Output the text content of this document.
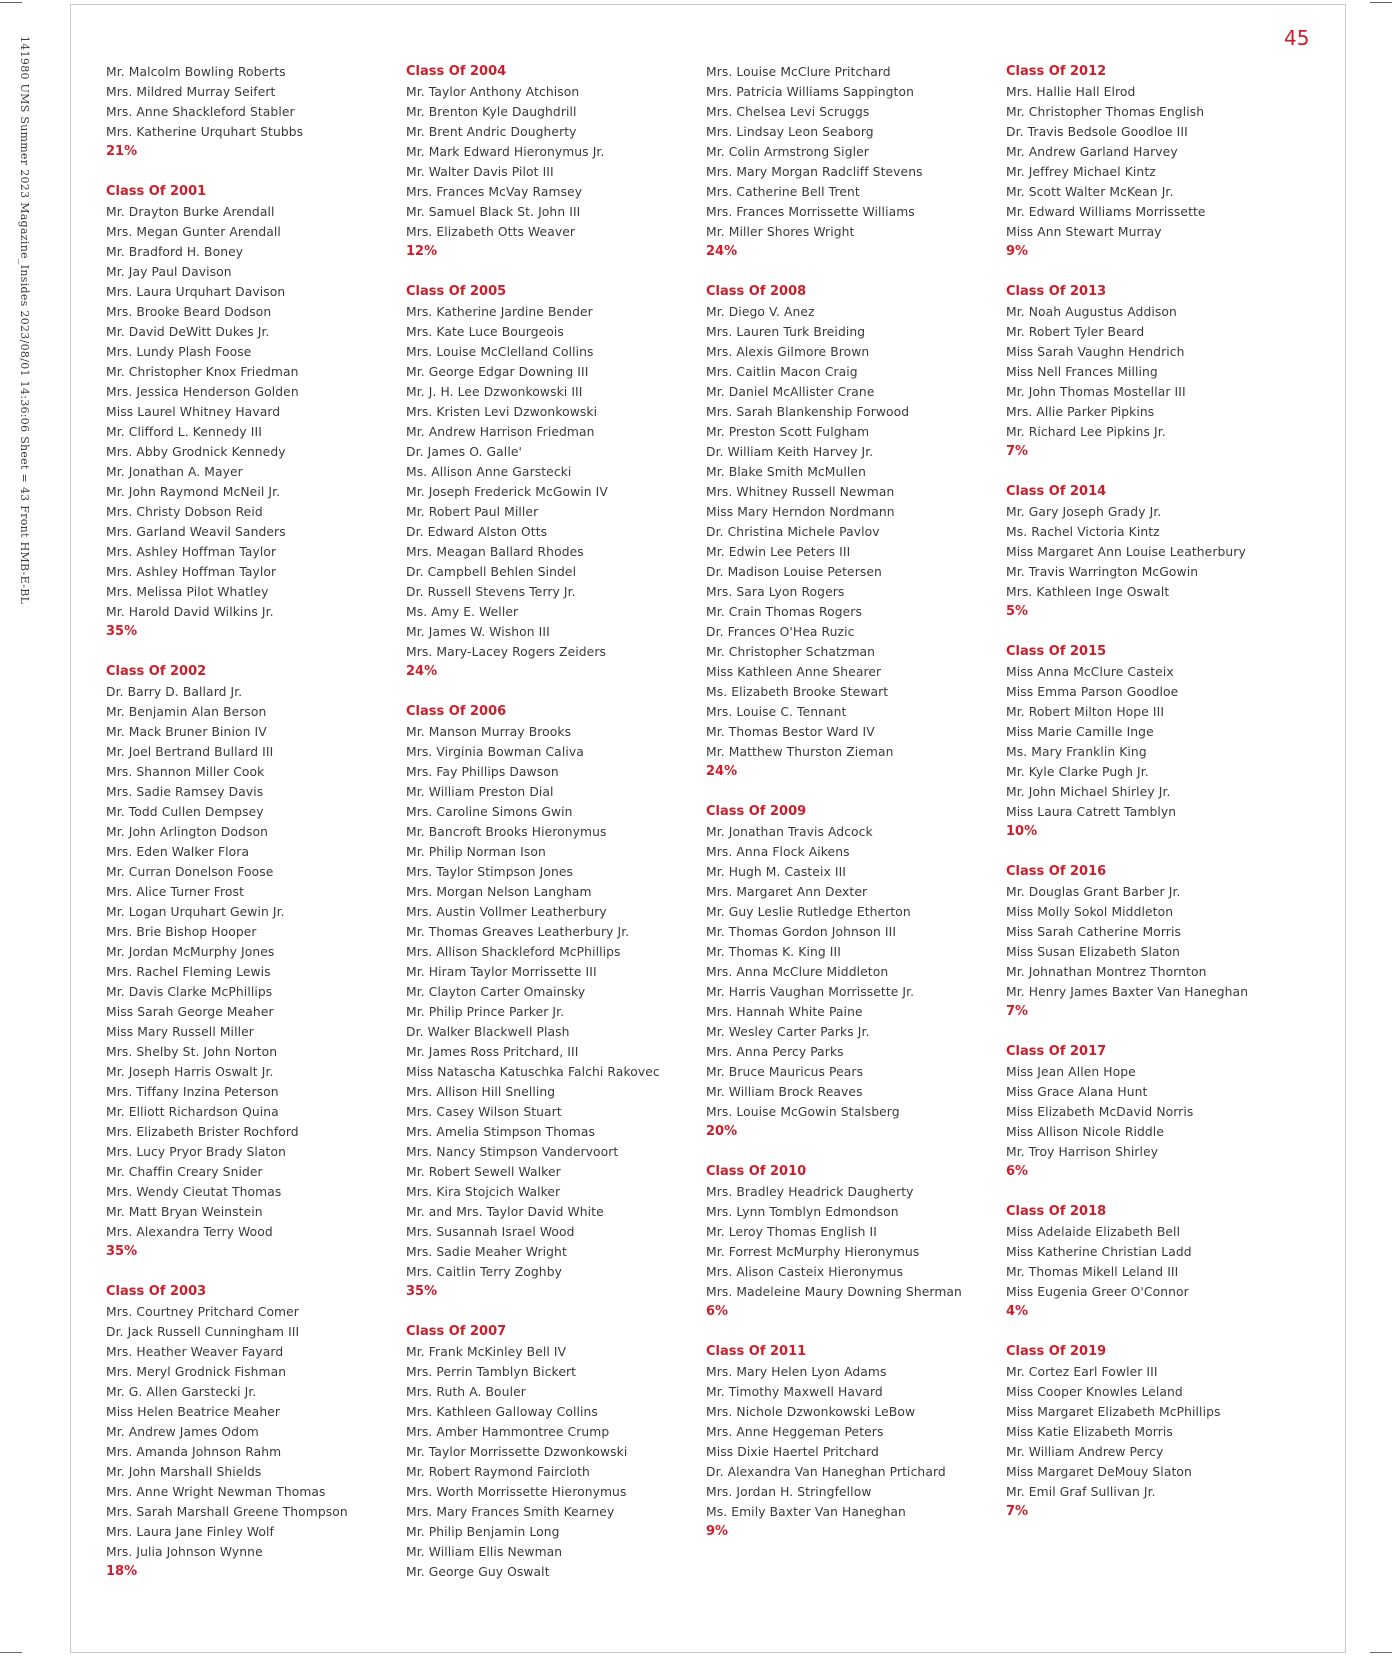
141980 UMS Summer 2023 Magazine_Insides 2023/08/01 14:36:06 Sheet = 43 Front HMB-E-BL	45
Mr. Malcolm Bowling Roberts
Mrs. Mildred Murray Seifert
Mrs. Anne Shackleford Stabler
Mrs. Katherine Urquhart Stubbs
21%
Class Of 2001
Mr. Drayton Burke Arendall
Mrs. Megan Gunter Arendall
Mr. Bradford H. Boney
Mr. Jay Paul Davison
Mrs. Laura Urquhart Davison
Mrs. Brooke Beard Dodson
Mr. David DeWitt Dukes Jr.
Mrs. Lundy Plash Foose
Mr. Christopher Knox Friedman
Mrs. Jessica Henderson Golden
Miss Laurel Whitney Havard
Mr. Clifford L. Kennedy III
Mrs. Abby Grodnick Kennedy
Mr. Jonathan A. Mayer
Mr. John Raymond McNeil Jr.
Mrs. Christy Dobson Reid
Mrs. Garland Weavil Sanders
Mrs. Ashley Hoffman Taylor
Mrs. Ashley Hoffman Taylor
Mrs. Melissa Pilot Whatley
Mr. Harold David Wilkins Jr.
35%
Class Of 2002
Dr. Barry D. Ballard Jr.
Mr. Benjamin Alan Berson
Mr. Mack Bruner Binion IV
Mr. Joel Bertrand Bullard III
Mrs. Shannon Miller Cook
Mrs. Sadie Ramsey Davis
Mr. Todd Cullen Dempsey
Mr. John Arlington Dodson
Mrs. Eden Walker Flora
Mr. Curran Donelson Foose
Mrs. Alice Turner Frost
Mr. Logan Urquhart Gewin Jr.
Mrs. Brie Bishop Hooper
Mr. Jordan McMurphy Jones
Mrs. Rachel Fleming Lewis
Mr. Davis Clarke McPhillips
Miss Sarah George Meaher
Miss Mary Russell Miller
Mrs. Shelby St. John Norton
Mr. Joseph Harris Oswalt Jr.
Mrs. Tiffany Inzina Peterson
Mr. Elliott Richardson Quina
Mrs. Elizabeth Brister Rochford
Mrs. Lucy Pryor Brady Slaton
Mr. Chaffin Creary Snider
Mrs. Wendy Cieutat Thomas
Mr. Matt Bryan Weinstein
Mrs. Alexandra Terry Wood
35%
Class Of 2003
Mrs. Courtney Pritchard Comer
Dr. Jack Russell Cunningham III
Mrs. Heather Weaver Fayard
Mrs. Meryl Grodnick Fishman
Mr. G. Allen Garstecki Jr.
Miss Helen Beatrice Meaher
Mr. Andrew James Odom
Mrs. Amanda Johnson Rahm
Mr. John Marshall Shields
Mrs. Anne Wright Newman Thomas
Mrs. Sarah Marshall Greene Thompson
Mrs. Laura Jane Finley Wolf
Mrs. Julia Johnson Wynne
18%
Class Of 2004
Mr. Taylor Anthony Atchison
Mr. Brenton Kyle Daughdrill
Mr. Brent Andric Dougherty
Mr. Mark Edward Hieronymus Jr.
Mr. Walter Davis Pilot III
Mrs. Frances McVay Ramsey
Mr. Samuel Black St. John III
Mrs. Elizabeth Otts Weaver
12%
Class Of 2005
Mrs. Katherine Jardine Bender
Mrs. Kate Luce Bourgeois
Mrs. Louise McClelland Collins
Mr. George Edgar Downing III
Mr. J. H. Lee Dzwonkowski III
Mrs. Kristen Levi Dzwonkowski
Mr. Andrew Harrison Friedman
Dr. James O. Galle'
Ms. Allison Anne Garstecki
Mr. Joseph Frederick McGowin IV
Mr. Robert Paul Miller
Dr. Edward Alston Otts
Mrs. Meagan Ballard Rhodes
Dr. Campbell Behlen Sindel
Dr. Russell Stevens Terry Jr.
Ms. Amy E. Weller
Mr. James W. Wishon III
Mrs. Mary-Lacey Rogers Zeiders
24%
Class Of 2006
Mr. Manson Murray Brooks
Mrs. Virginia Bowman Caliva
Mrs. Fay Phillips Dawson
Mr. William Preston Dial
Mrs. Caroline Simons Gwin
Mr. Bancroft Brooks Hieronymus
Mr. Philip Norman Ison
Mrs. Taylor Stimpson Jones
Mrs. Morgan Nelson Langham
Mrs. Austin Vollmer Leatherbury
Mr. Thomas Greaves Leatherbury Jr.
Mrs. Allison Shackleford McPhillips
Mr. Hiram Taylor Morrissette III
Mr. Clayton Carter Omainsky
Mr. Philip Prince Parker Jr.
Dr. Walker Blackwell Plash
Mr. James Ross Pritchard, III
Miss Natascha Katuschka Falchi Rakovec
Mrs. Allison Hill Snelling
Mrs. Casey Wilson Stuart
Mrs. Amelia Stimpson Thomas
Mrs. Nancy Stimpson Vandervoort
Mr. Robert Sewell Walker
Mrs. Kira Stojcich Walker
Mr. and Mrs. Taylor David White
Mrs. Susannah Israel Wood
Mrs. Sadie Meaher Wright
Mrs. Caitlin Terry Zoghby
35%
Class Of 2007
Mr. Frank McKinley Bell IV
Mrs. Perrin Tamblyn Bickert
Mrs. Ruth A. Bouler
Mrs. Kathleen Galloway Collins
Mrs. Amber Hammontree Crump
Mr. Taylor Morrissette Dzwonkowski
Mr. Robert Raymond Faircloth
Mrs. Worth Morrissette Hieronymus
Mrs. Mary Frances Smith Kearney
Mr. Philip Benjamin Long
Mr. William Ellis Newman
Mr. George Guy Oswalt
Mrs. Louise McClure Pritchard
Mrs. Patricia Williams Sappington
Mrs. Chelsea Levi Scruggs
Mrs. Lindsay Leon Seaborg
Mr. Colin Armstrong Sigler
Mrs. Mary Morgan Radcliff Stevens
Mrs. Catherine Bell Trent
Mrs. Frances Morrissette Williams
Mr. Miller Shores Wright
24%
Class Of 2008
Mr. Diego V. Anez
Mrs. Lauren Turk Breiding
Mrs. Alexis Gilmore Brown
Mrs. Caitlin Macon Craig
Mr. Daniel McAllister Crane
Mrs. Sarah Blankenship Forwood
Mr. Preston Scott Fulgham
Dr. William Keith Harvey Jr.
Mr. Blake Smith McMullen
Mrs. Whitney Russell Newman
Miss Mary Herndon Nordmann
Dr. Christina Michele Pavlov
Mr. Edwin Lee Peters III
Dr. Madison Louise Petersen
Mrs. Sara Lyon Rogers
Mr. Crain Thomas Rogers
Dr. Frances O'Hea Ruzic
Mr. Christopher Schatzman
Miss Kathleen Anne Shearer
Ms. Elizabeth Brooke Stewart
Mrs. Louise C. Tennant
Mr. Thomas Bestor Ward IV
Mr. Matthew Thurston Zieman
24%
Class Of 2009
Mr. Jonathan Travis Adcock
Mrs. Anna Flock Aikens
Mr. Hugh M. Casteix III
Mrs. Margaret Ann Dexter
Mr. Guy Leslie Rutledge Etherton
Mr. Thomas Gordon Johnson III
Mr. Thomas K. King III
Mrs. Anna McClure Middleton
Mr. Harris Vaughan Morrissette Jr.
Mrs. Hannah White Paine
Mr. Wesley Carter Parks Jr.
Mrs. Anna Percy Parks
Mr. Bruce Mauricus Pears
Mr. William Brock Reaves
Mrs. Louise McGowin Stalsberg
20%
Class Of 2010
Mrs. Bradley Headrick Daugherty
Mrs. Lynn Tomblyn Edmondson
Mr. Leroy Thomas English II
Mr. Forrest McMurphy Hieronymus
Mrs. Alison Casteix Hieronymus
Mrs. Madeleine Maury Downing Sherman
6%
Class Of 2011
Mrs. Mary Helen Lyon Adams
Mr. Timothy Maxwell Havard
Mrs. Nichole Dzwonkowski LeBow
Mrs. Anne Heggeman Peters
Miss Dixie Haertel Pritchard
Dr. Alexandra Van Haneghan Prtichard
Mrs. Jordan H. Stringfellow
Ms. Emily Baxter Van Haneghan
9%
Class Of 2012
Mrs. Hallie Hall Elrod
Mr. Christopher Thomas English
Dr. Travis Bedsole Goodloe III
Mr. Andrew Garland Harvey
Mr. Jeffrey Michael Kintz
Mr. Scott Walter McKean Jr.
Mr. Edward Williams Morrissette
Miss Ann Stewart Murray
9%
Class Of 2013
Mr. Noah Augustus Addison
Mr. Robert Tyler Beard
Miss Sarah Vaughn Hendrich
Miss Nell Frances Milling
Mr. John Thomas Mostellar III
Mrs. Allie Parker Pipkins
Mr. Richard Lee Pipkins Jr.
7%
Class Of 2014
Mr. Gary Joseph Grady Jr.
Ms. Rachel Victoria Kintz
Miss Margaret Ann Louise Leatherbury
Mr. Travis Warrington McGowin
Mrs. Kathleen Inge Oswalt
5%
Class Of 2015
Miss Anna McClure Casteix
Miss Emma Parson Goodloe
Mr. Robert Milton Hope III
Miss Marie Camille Inge
Ms. Mary Franklin King
Mr. Kyle Clarke Pugh Jr.
Mr. John Michael Shirley Jr.
Miss Laura Catrett Tamblyn
10%
Class Of 2016
Mr. Douglas Grant Barber Jr.
Miss Molly Sokol Middleton
Miss Sarah Catherine Morris
Miss Susan Elizabeth Slaton
Mr. Johnathan Montrez Thornton
Mr. Henry James Baxter Van Haneghan
7%
Class Of 2017
Miss Jean Allen Hope
Miss Grace Alana Hunt
Miss Elizabeth McDavid Norris
Miss Allison Nicole Riddle
Mr. Troy Harrison Shirley
6%
Class Of 2018
Miss Adelaide Elizabeth Bell
Miss Katherine Christian Ladd
Mr. Thomas Mikell Leland III
Miss Eugenia Greer O'Connor
4%
Class Of 2019
Mr. Cortez Earl Fowler III
Miss Cooper Knowles Leland
Miss Margaret Elizabeth McPhillips
Miss Katie Elizabeth Morris
Mr. William Andrew Percy
Miss Margaret DeMouy Slaton
Mr. Emil Graf Sullivan Jr.
7%
